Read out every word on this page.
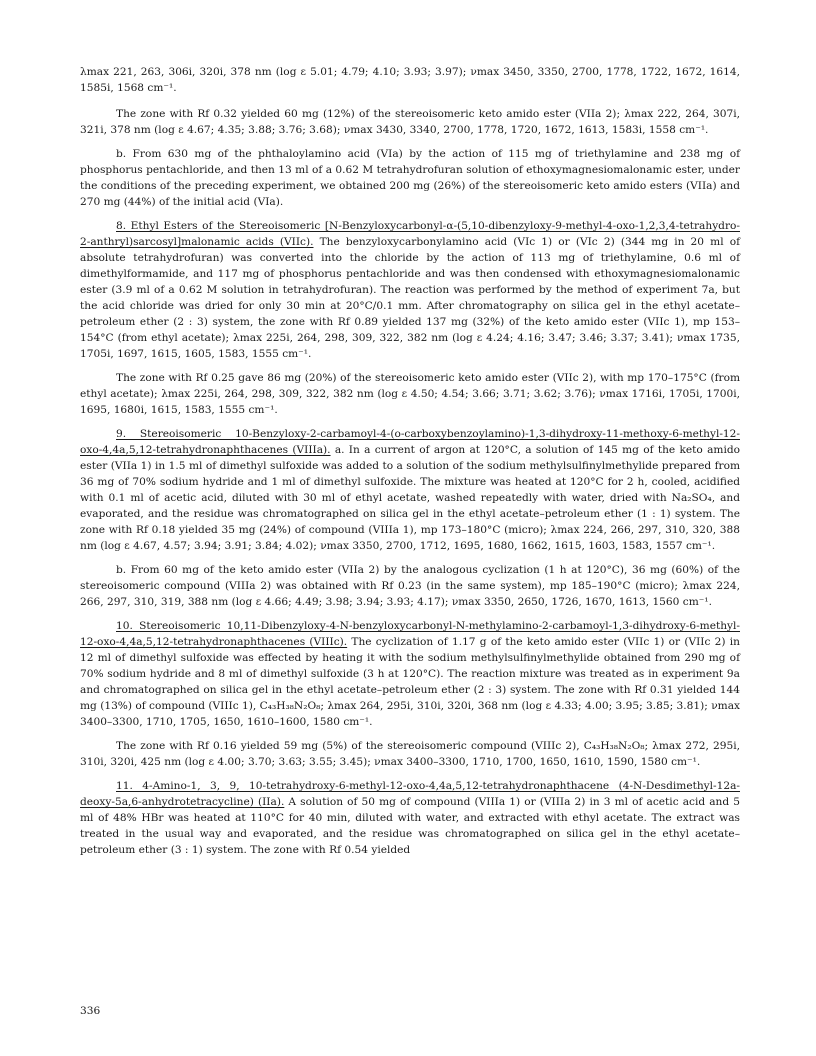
λmax 221, 263, 306i, 320i, 378 nm (log ε 5.01; 4.79; 4.10; 3.93; 3.97); νmax 3450, 3350, 2700, 1778, 1722, 1672, 1614, 1585i, 1568 cm⁻¹.

The zone with Rf 0.32 yielded 60 mg (12%) of the stereoisomeric keto amido ester (VIIa 2); λmax 222, 264, 307i, 321i, 378 nm (log ε 4.67; 4.35; 3.88; 3.76; 3.68); νmax 3430, 3340, 2700, 1778, 1720, 1672, 1613, 1583i, 1558 cm⁻¹.

b. From 630 mg of the phthaloylamino acid (VIa) by the action of 115 mg of triethylamine and 238 mg of phosphorus pentachloride, and then 13 ml of a 0.62 M tetrahydrofuran solution of ethoxymagnesiomalonamic ester, under the conditions of the preceding experiment, we obtained 200 mg (26%) of the stereoisomeric keto amido esters (VIIa) and 270 mg (44%) of the initial acid (VIa).

8. Ethyl Esters of the Stereoisomeric [N-Benzyloxycarbonyl-α-(5,10-dibenzyloxy-9-methyl-4-oxo-1,2,3,4-tetrahydro-2-anthryl)sarcosyl]malonamic acids (VIIc). The benzyloxycarbonylamino acid (VIc 1) or (VIc 2) (344 mg in 20 ml of absolute tetrahydrofuran) was converted into the chloride by the action of 113 mg of triethylamine, 0.6 ml of dimethylformamide, and 117 mg of phosphorus pentachloride and was then condensed with ethoxymagnesiomalonamic ester (3.9 ml of a 0.62 M solution in tetrahydrofuran). The reaction was performed by the method of experiment 7a, but the acid chloride was dried for only 30 min at 20°C/0.1 mm. After chromatography on silica gel in the ethyl acetate–petroleum ether (2 : 3) system, the zone with Rf 0.89 yielded 137 mg (32%) of the keto amido ester (VIIc 1), mp 153–154°C (from ethyl acetate); λmax 225i, 264, 298, 309, 322, 382 nm (log ε 4.24; 4.16; 3.47; 3.46; 3.37; 3.41); νmax 1735, 1705i, 1697, 1615, 1605, 1583, 1555 cm⁻¹.

The zone with Rf 0.25 gave 86 mg (20%) of the stereoisomeric keto amido ester (VIIc 2), with mp 170–175°C (from ethyl acetate); λmax 225i, 264, 298, 309, 322, 382 nm (log ε 4.50; 4.54; 3.66; 3.71; 3.62; 3.76); νmax 1716i, 1705i, 1700i, 1695, 1680i, 1615, 1583, 1555 cm⁻¹.

9. Stereoisomeric 10-Benzyloxy-2-carbamoyl-4-(o-carboxybenzoylamino)-1,3-dihydroxy-11-methoxy-6-methyl-12-oxo-4,4a,5,12-tetrahydronaphthacenes (VIIIa). a. In a current of argon at 120°C, a solution of 145 mg of the keto amido ester (VIIa 1) in 1.5 ml of dimethyl sulfoxide was added to a solution of the sodium methylsulfinylmethylide prepared from 36 mg of 70% sodium hydride and 1 ml of dimethyl sulfoxide. The mixture was heated at 120°C for 2 h, cooled, acidified with 0.1 ml of acetic acid, diluted with 30 ml of ethyl acetate, washed repeatedly with water, dried with Na₂SO₄, and evaporated, and the residue was chromatographed on silica gel in the ethyl acetate–petroleum ether (1 : 1) system. The zone with Rf 0.18 yielded 35 mg (24%) of compound (VIIIa 1), mp 173–180°C (micro); λmax 224, 266, 297, 310, 320, 388 nm (log ε 4.67, 4.57; 3.94; 3.91; 3.84; 4.02); νmax 3350, 2700, 1712, 1695, 1680, 1662, 1615, 1603, 1583, 1557 cm⁻¹.

b. From 60 mg of the keto amido ester (VIIa 2) by the analogous cyclization (1 h at 120°C), 36 mg (60%) of the stereoisomeric compound (VIIIa 2) was obtained with Rf 0.23 (in the same system), mp 185–190°C (micro); λmax 224, 266, 297, 310, 319, 388 nm (log ε 4.66; 4.49; 3.98; 3.94; 3.93; 4.17); νmax 3350, 2650, 1726, 1670, 1613, 1560 cm⁻¹.

10. Stereoisomeric 10,11-Dibenzyloxy-4-N-benzyloxycarbonyl-N-methylamino-2-carbamoyl-1,3-dihydroxy-6-methyl-12-oxo-4,4a,5,12-tetrahydronaphthacenes (VIIIc). The cyclization of 1.17 g of the keto amido ester (VIIc 1) or (VIIc 2) in 12 ml of dimethyl sulfoxide was effected by heating it with the sodium methylsulfinylmethylide obtained from 290 mg of 70% sodium hydride and 8 ml of dimethyl sulfoxide (3 h at 120°C). The reaction mixture was treated as in experiment 9a and chromatographed on silica gel in the ethyl acetate–petroleum ether (2 : 3) system. The zone with Rf 0.31 yielded 144 mg (13%) of compound (VIIIc 1), C₄₃H₃₈N₂O₈; λmax 264, 295i, 310i, 320i, 368 nm (log ε 4.33; 4.00; 3.95; 3.85; 3.81); νmax 3400–3300, 1710, 1705, 1650, 1610–1600, 1580 cm⁻¹.

The zone with Rf 0.16 yielded 59 mg (5%) of the stereoisomeric compound (VIIIc 2), C₄₃H₃₈N₂O₈; λmax 272, 295i, 310i, 320i, 425 nm (log ε 4.00; 3.70; 3.63; 3.55; 3.45); νmax 3400–3300, 1710, 1700, 1650, 1610, 1590, 1580 cm⁻¹.

11. 4-Amino-1, 3, 9, 10-tetrahydroxy-6-methyl-12-oxo-4,4a,5,12-tetrahydronaphthacene (4-N-Desdimethyl-12a-deoxy-5a,6-anhydrotetracycline) (IIa). A solution of 50 mg of compound (VIIIa 1) or (VIIIa 2) in 3 ml of acetic acid and 5 ml of 48% HBr was heated at 110°C for 40 min, diluted with water, and extracted with ethyl acetate. The extract was treated in the usual way and evaporated, and the residue was chromatographed on silica gel in the ethyl acetate–petroleum ether (3 : 1) system. The zone with Rf 0.54 yielded

336
